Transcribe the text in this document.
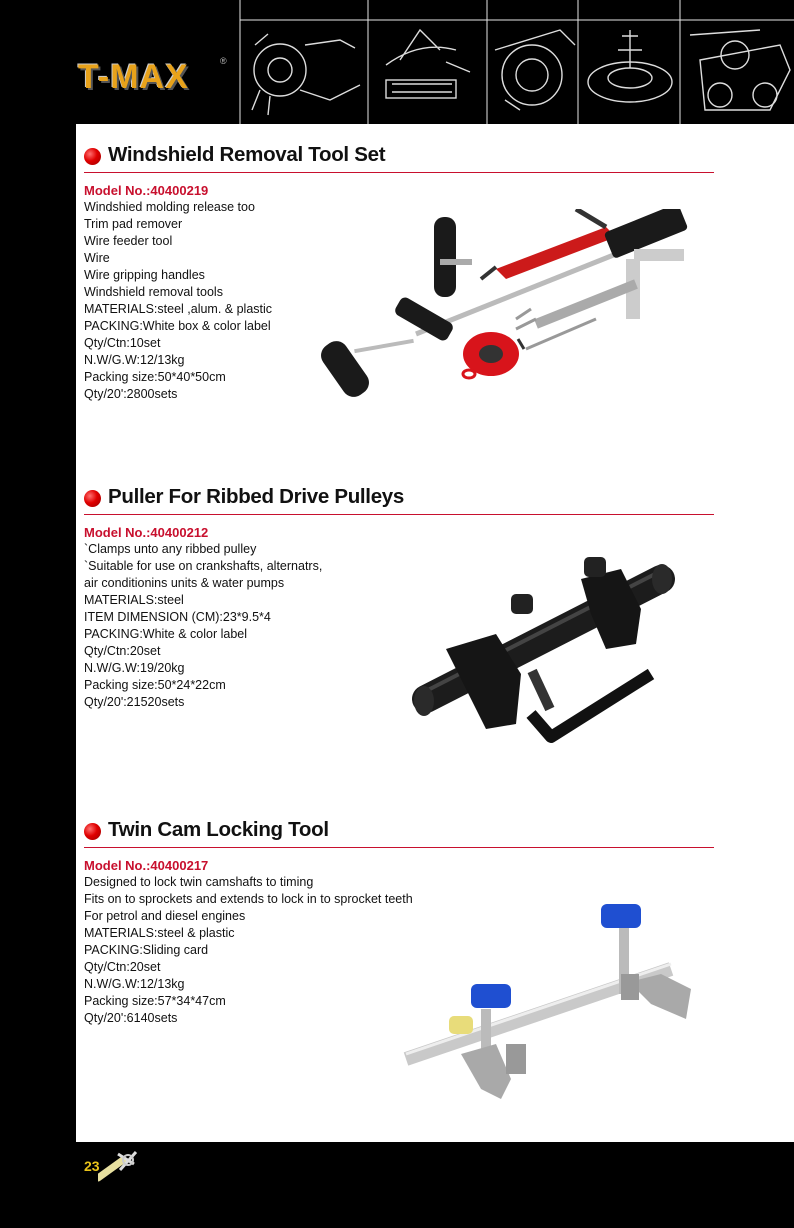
T-MAX	®
Windshield Removal Tool Set
Model No.:40400219
Windshied molding release too
Trim pad remover
Wire feeder tool
Wire
Wire gripping handles
Windshield removal tools
MATERIALS:steel ,alum. & plastic
PACKING:White box & color label
Qty/Ctn:10set
N.W/G.W:12/13kg
Packing size:50*40*50cm
Qty/20':2800sets
Puller For Ribbed Drive Pulleys
Model No.:40400212
`Clamps unto any ribbed pulley
`Suitable for use on crankshafts, alternatrs,
air conditionins units & water pumps
MATERIALS:steel
ITEM DIMENSION (CM):23*9.5*4
PACKING:White & color label
Qty/Ctn:20set
N.W/G.W:19/20kg
Packing size:50*24*22cm
Qty/20':21520sets
Twin Cam Locking Tool
Model No.:40400217
Designed to lock twin camshafts to timing
Fits on to sprockets and extends to lock in to sprocket teeth
For petrol and diesel engines
MATERIALS:steel & plastic
PACKING:Sliding card
Qty/Ctn:20set
N.W/G.W:12/13kg
Packing size:57*34*47cm
Qty/20':6140sets
23
